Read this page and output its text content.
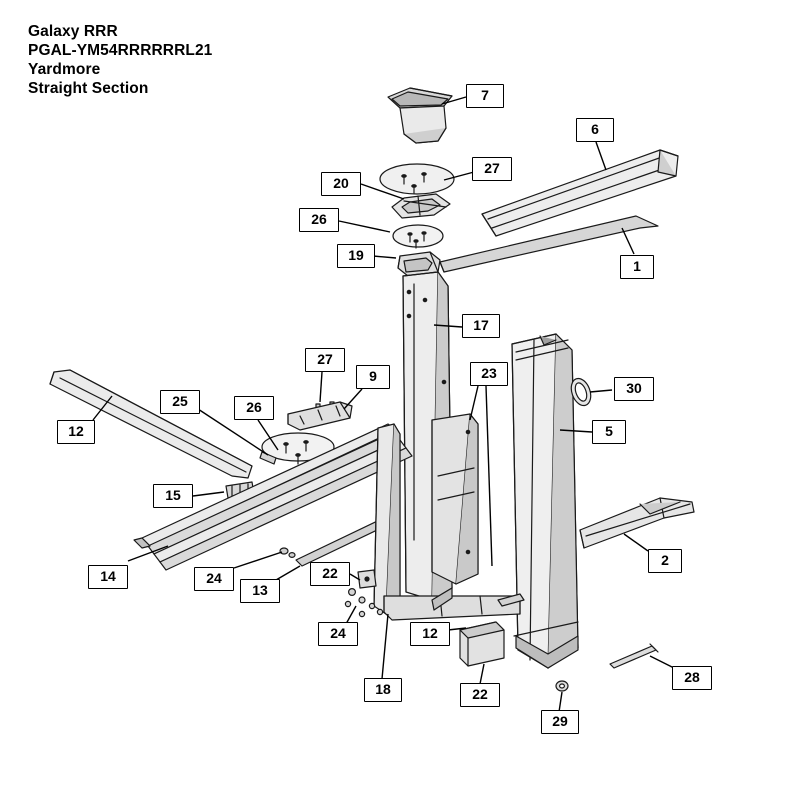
Galaxy RRR
PGAL-YM54RRRRRRL21
Yardmore
Straight Section	7
6
27
20
26
19
1
17
27
23
9
30
25	26
12	5
15
2
14	24
13
22
24	12
18	22
28
29
